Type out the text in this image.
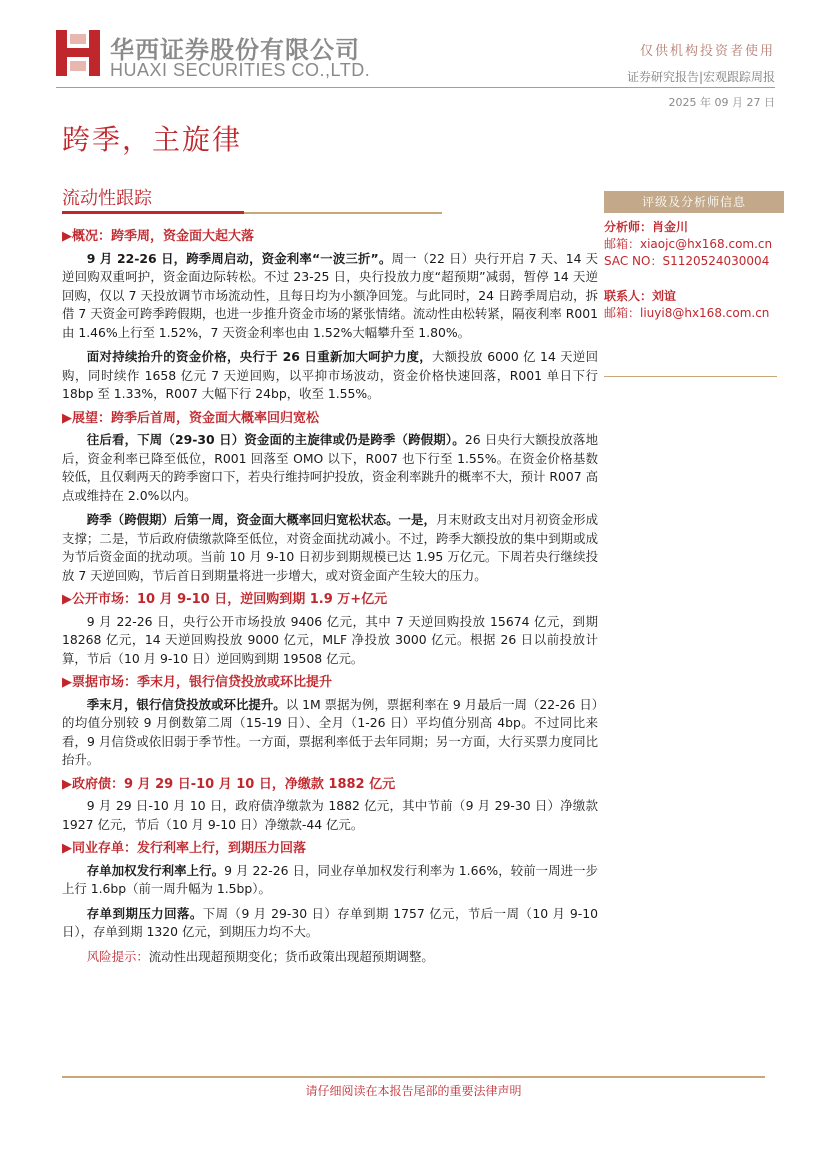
华西证券股份有限公司
HUAXI SECURITIES CO.,LTD.
仅供机构投资者使用
证券研究报告|宏观跟踪周报
2025 年 09 月 27 日
跨季，主旋律
流动性跟踪
▶概况：跨季周，资金面大起大落

9 月 22-26 日，跨季周启动，资金利率“一波三折”。周一（22 日）央行开启 7 天、14 天逆回购双重呵护，资金面边际转松。不过 23-25 日，央行投放力度“超预期”减弱，暂停 14 天逆回购，仅以 7 天投放调节市场流动性，且每日均为小额净回笼。与此同时，24 日跨季周启动，拆借 7 天资金可跨季跨假期，也进一步推升资金市场的紧张情绪。流动性由松转紧，隔夜利率 R001 由 1.46%上行至 1.52%，7 天资金利率也由 1.52%大幅攀升至 1.80%。

面对持续抬升的资金价格，央行于 26 日重新加大呵护力度，大额投放 6000 亿 14 天逆回购，同时续作 1658 亿元 7 天逆回购，以平抑市场波动，资金价格快速回落，R001 单日下行 18bp 至 1.33%，R007 大幅下行 24bp，收至 1.55%。

▶展望：跨季后首周，资金面大概率回归宽松

往后看，下周（29-30 日）资金面的主旋律或仍是跨季（跨假期）。26 日央行大额投放落地后，资金利率已降至低位，R001 回落至 OMO 以下，R007 也下行至 1.55%。在资金价格基数较低，且仅剩两天的跨季窗口下，若央行维持呵护投放，资金利率跳升的概率不大，预计 R007 高点或维持在 2.0%以内。

跨季（跨假期）后第一周，资金面大概率回归宽松状态。一是，月末财政支出对月初资金形成支撑；二是，节后政府债缴款降至低位，对资金面扰动减小。不过，跨季大额投放的集中到期或成为节后资金面的扰动项。当前 10 月 9-10 日初步到期规模已达 1.95 万亿元。下周若央行继续投放 7 天逆回购，节后首日到期量将进一步增大，或对资金面产生较大的压力。

▶公开市场：10 月 9-10 日，逆回购到期 1.9 万+亿元

9 月 22-26 日，央行公开市场投放 9406 亿元，其中 7 天逆回购投放 15674 亿元，到期 18268 亿元，14 天逆回购投放 9000 亿元，MLF 净投放 3000 亿元。根据 26 日以前投放计算，节后（10 月 9-10 日）逆回购到期 19508 亿元。

▶票据市场：季末月，银行信贷投放或环比提升

季末月，银行信贷投放或环比提升。以 1M 票据为例，票据利率在 9 月最后一周（22-26 日）的均值分别较 9 月倒数第二周（15-19 日）、全月（1-26 日）平均值分别高 4bp。不过同比来看，9 月信贷或依旧弱于季节性。一方面，票据利率低于去年同期；另一方面，大行买票力度同比抬升。

▶政府债：9 月 29 日-10 月 10 日，净缴款 1882 亿元

9 月 29 日-10 月 10 日，政府债净缴款为 1882 亿元，其中节前（9 月 29-30 日）净缴款 1927 亿元，节后（10 月 9-10 日）净缴款-44 亿元。

▶同业存单：发行利率上行，到期压力回落

存单加权发行利率上行。9 月 22-26 日，同业存单加权发行利率为 1.66%，较前一周进一步上行 1.6bp（前一周升幅为 1.5bp）。

存单到期压力回落。下周（9 月 29-30 日）存单到期 1757 亿元，节后一周（10 月 9-10 日），存单到期 1320 亿元，到期压力均不大。

风险提示：流动性出现超预期变化；货币政策出现超预期调整。

评级及分析师信息
分析师：肖金川
邮箱：xiaojc@hx168.com.cn
SAC NO：S1120524030004
联系人：刘谊
邮箱：liuyi8@hx168.com.cn
请仔细阅读在本报告尾部的重要法律声明
